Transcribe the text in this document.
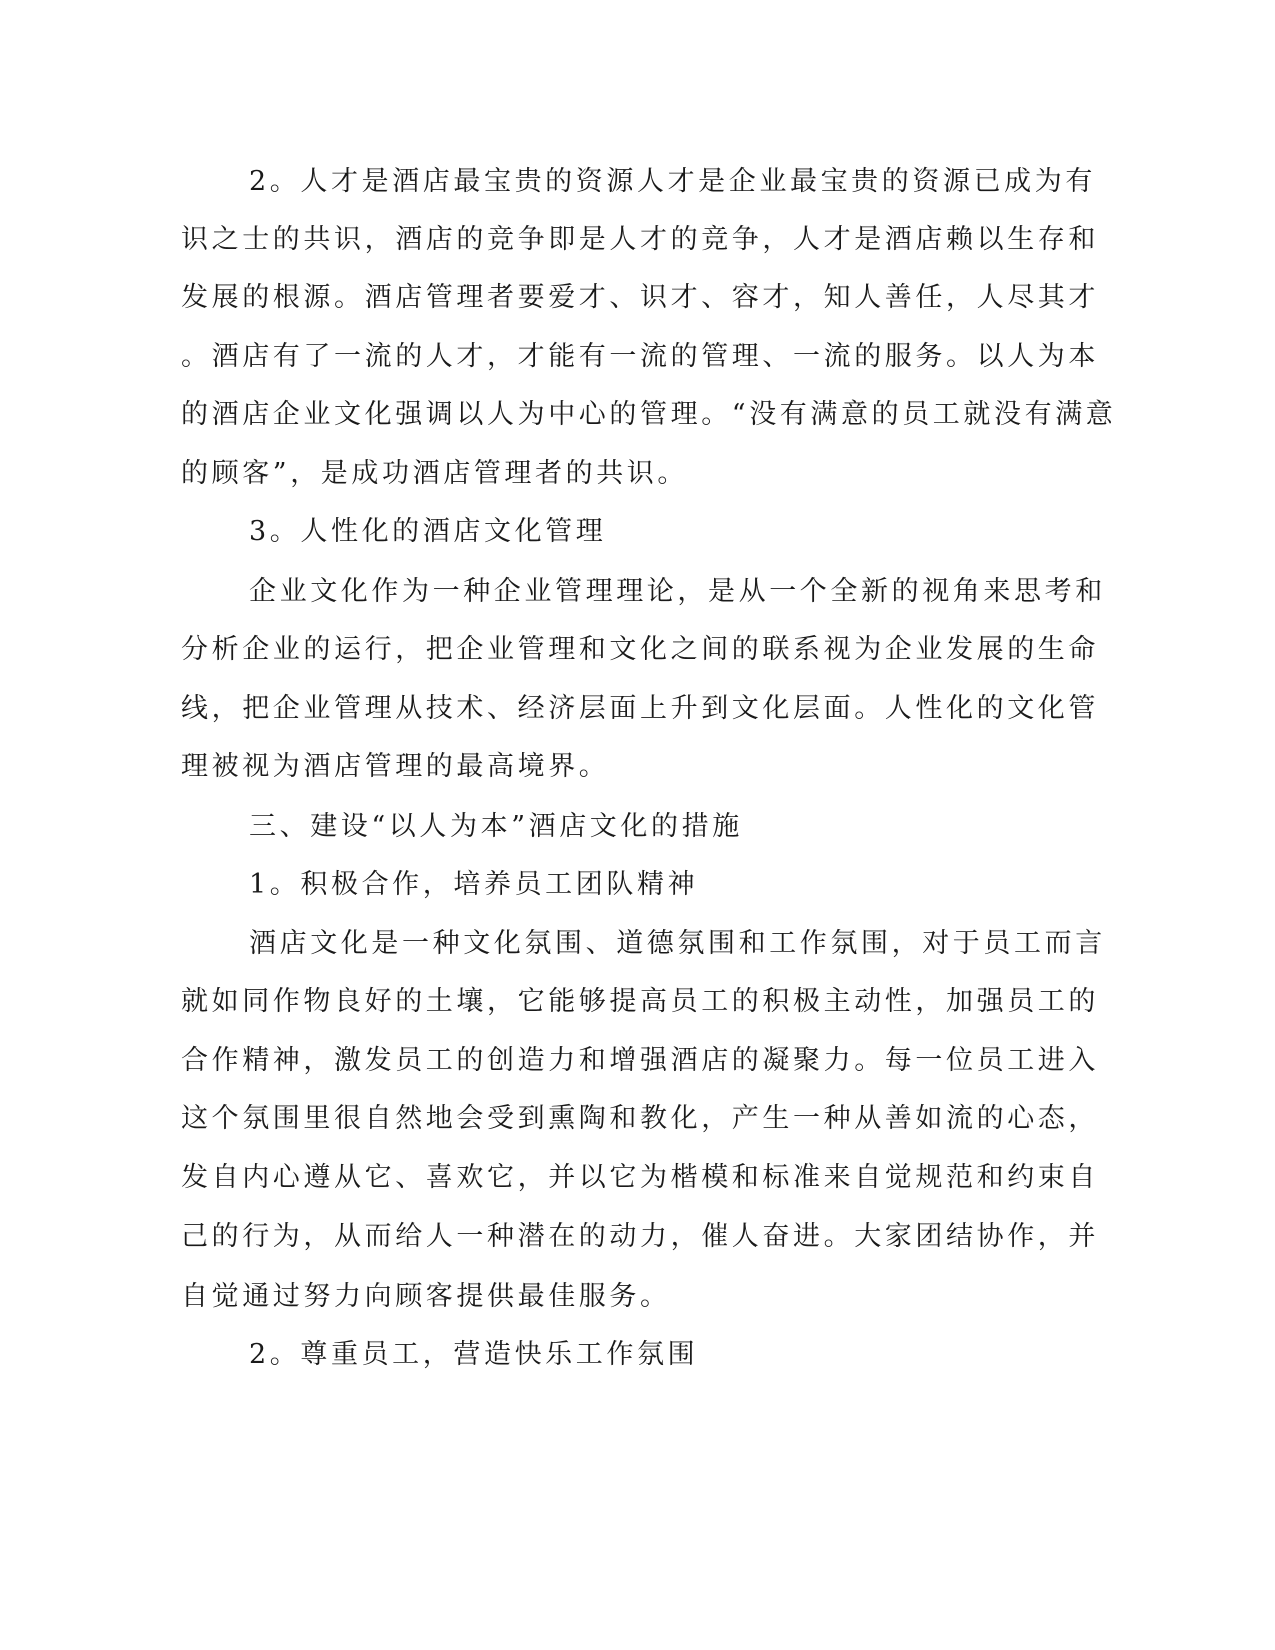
2。人才是酒店最宝贵的资源人才是企业最宝贵的资源已成为有
识之士的共识，酒店的竞争即是人才的竞争，人才是酒店赖以生存和
发展的根源。酒店管理者要爱才、识才、容才，知人善任，人尽其才
。酒店有了一流的人才，才能有一流的管理、一流的服务。以人为本
的酒店企业文化强调以人为中心的管理。“没有满意的员工就没有满意
的顾客”，是成功酒店管理者的共识。
3。人性化的酒店文化管理
企业文化作为一种企业管理理论，是从一个全新的视角来思考和
分析企业的运行，把企业管理和文化之间的联系视为企业发展的生命
线，把企业管理从技术、经济层面上升到文化层面。人性化的文化管
理被视为酒店管理的最高境界。
三、建设“以人为本”酒店文化的措施
1。积极合作，培养员工团队精神
酒店文化是一种文化氛围、道德氛围和工作氛围，对于员工而言
就如同作物良好的土壤，它能够提高员工的积极主动性，加强员工的
合作精神，激发员工的创造力和增强酒店的凝聚力。每一位员工进入
这个氛围里很自然地会受到熏陶和教化，产生一种从善如流的心态，
发自内心遵从它、喜欢它，并以它为楷模和标准来自觉规范和约束自
己的行为，从而给人一种潜在的动力，催人奋进。大家团结协作，并
自觉通过努力向顾客提供最佳服务。
2。尊重员工，营造快乐工作氛围
